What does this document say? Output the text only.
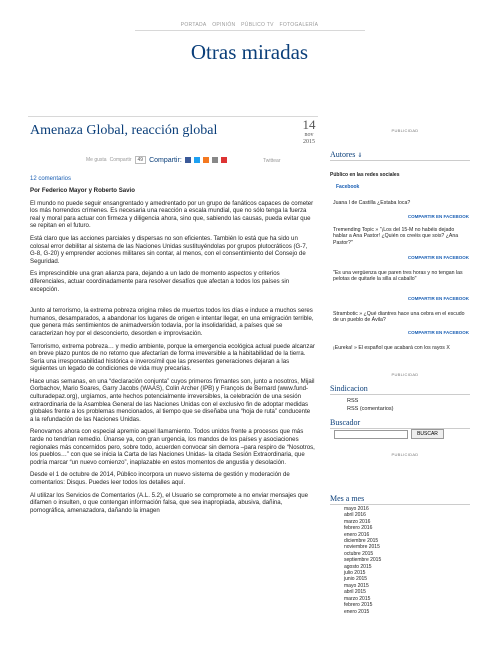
PORTADA OPINIÓN PÚBLICO TV FOTOGALERÍA
Otras miradas
Amenaza Global, reacción global	14
nov
2015
Me gusta Compartir	49 Compartir:	Twittear
12 comentarios

Por Federico Mayor y Roberto Savio

El mundo no puede seguir ensangrentado y amedrentado por un grupo de fanáticos capaces de cometer los más horrendos crímenes. Es necesaria una reacción a escala mundial, que no sólo tenga la fuerza real y moral para actuar con firmeza y diligencia ahora, sino que, sabiendo las causas, pueda evitar que se repitan en el futuro.

Está claro que las acciones parciales y dispersas no son eficientes. También lo está que ha sido un colosal error debilitar al sistema de las Naciones Unidas sustituyéndolas por grupos plutocráticos (G-7, G-8, G-20) y emprender acciones militares sin contar, al menos, con el consentimiento del Consejo de Seguridad.

Es imprescindible una gran alianza para, dejando a un lado de momento aspectos y criterios diferenciales, actuar coordinadamente para resolver desafíos que afectan a todos los países sin excepción.

Junto al terrorismo, la extrema pobreza origina miles de muertos todos los días e induce a muchos seres humanos, desamparados, a abandonar los lugares de origen e intentar llegar, en una emigración terrible, que genera más sentimientos de animadversión todavía, por la insolidaridad, a países que se caracterizan hoy por el desconcierto, desorden e improvisación.

Terrorismo, extrema pobreza… y medio ambiente, porque la emergencia ecológica actual puede alcanzar en breve plazo puntos de no retorno que afectarían de forma irreversible a la habitabilidad de la tierra. Sería una irresponsabilidad histórica e inverosímil que las presentes generaciones dejaran a las siguientes un legado de condiciones de vida muy precarias.

Hace unas semanas, en una “declaración conjunta” cuyos primeros firmantes son, junto a nosotros, Mijail Gorbachov, Mario Soares, Garry Jacobs (WAAS), Colin Archer (IPB) y François de Bernard (www.fund-culturadepaz.org), urgíamos, ante hechos potencialmente irreversibles, la celebración de una sesión extraordinaria de la Asamblea General de las Naciones Unidas con el exclusivo fin de adoptar medidas globales frente a los problemas mencionados, al tiempo que se diseñaba una “hoja de ruta” conducente a la refundación de las Naciones Unidas.

Renovamos ahora con especial apremio aquel llamamiento. Todos unidos frente a procesos que más tarde no tendrían remedio. Únanse ya, con gran urgencia, los mandos de los países y asociaciones regionales más concernidos pero, sobre todo, acuerden convocar sin demora –para respiro de “Nosotros, los pueblos…” con que se inicia la Carta de las Naciones Unidas- la citada Sesión Extraordinaria, que podría marcar “un nuevo comienzo”, inaplazable en estos momentos de angustia y desolación.

Desde el 1 de octubre de 2014, Público incorpora un nuevo sistema de gestión y moderación de comentarios: Disqus. Puedes leer todos los detalles aquí.

Al utilizar los Servicios de Comentarios (A.L. 5.2), el Usuario se compromete a no enviar mensajes que difamen o insulten, o que contengan información falsa, que sea inapropiada, abusiva, dañina, pornográfica, amenazadora, dañando la imagen

PUBLICIDAD
Autores ⇓
Público en las redes sociales
Facebook
Juana I de Castilla ¿Estaba loca?
COMPARTIR EN FACEBOOK
Tremending Topic » "¡Los del 15-M no habéis dejado hablar a Ana Pastor! ¿Quién os creéis que sois? ¿Ana Pastor?"
COMPARTIR EN FACEBOOK
"Es una vergüenza que paren tres horas y no tengan las pelotas de quitarle la silla al caballo"
COMPARTIR EN FACEBOOK
Strambotic » ¿Qué diantres hace una cebra en el escudo de un pueblo de Ávila?
COMPARTIR EN FACEBOOK
¡Eureka! » El español que acabará con los rayos X
PUBLICIDAD
Sindicacion
RSS
RSS (comentarios)
Buscador
BUSCAR
PUBLICIDAD
Mes a mes
mayo 2016
abril 2016
marzo 2016
febrero 2016
enero 2016
diciembre 2015
noviembre 2015
octubre 2015
septiembre 2015
agosto 2015
julio 2015
junio 2015
mayo 2015
abril 2015
marzo 2015
febrero 2015
enero 2015
